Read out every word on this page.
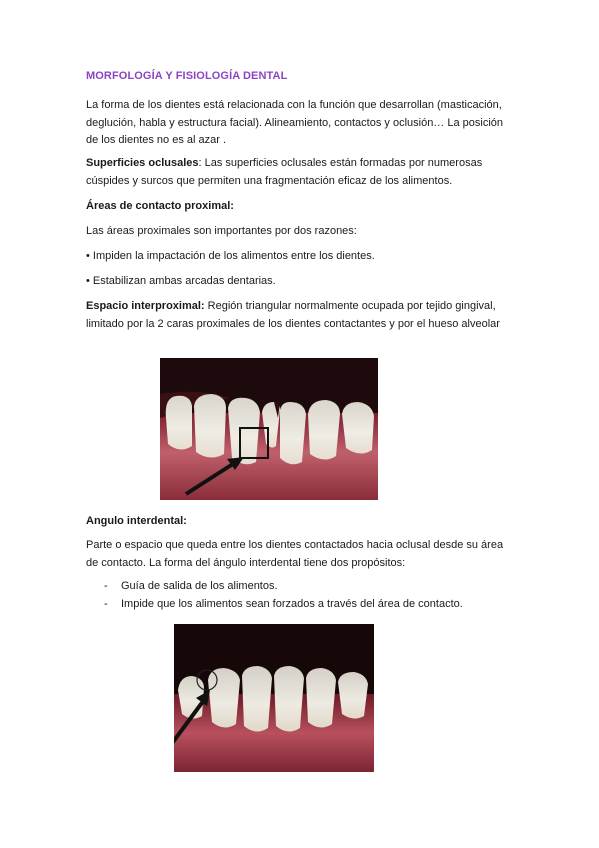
MORFOLOGÍA Y FISIOLOGÍA DENTAL

La forma de los dientes está relacionada con la función que desarrollan (masticación, deglución, habla y estructura facial). Alineamiento, contactos y oclusión… La posición de los dientes no es al azar .

Superficies oclusales: Las superficies oclusales están formadas por numerosas cúspides y surcos que permiten una fragmentación eficaz de los alimentos.

Áreas de contacto proximal:

Las áreas proximales son importantes por dos razones:

• Impiden la impactación de los alimentos entre los dientes.

• Estabilizan ambas arcadas dentarias.

Espacio interproximal: Región triangular normalmente ocupada por tejido gingival, limitado por la 2 caras proximales de los dientes contactantes y por el hueso alveolar

Angulo interdental:

Parte o espacio que queda entre los dientes contactados hacia oclusal desde su área de contacto. La forma del ángulo interdental tiene dos propósitos:

- Guía de salida de los alimentos.
- Impide que los alimentos sean forzados a través del área de contacto.
